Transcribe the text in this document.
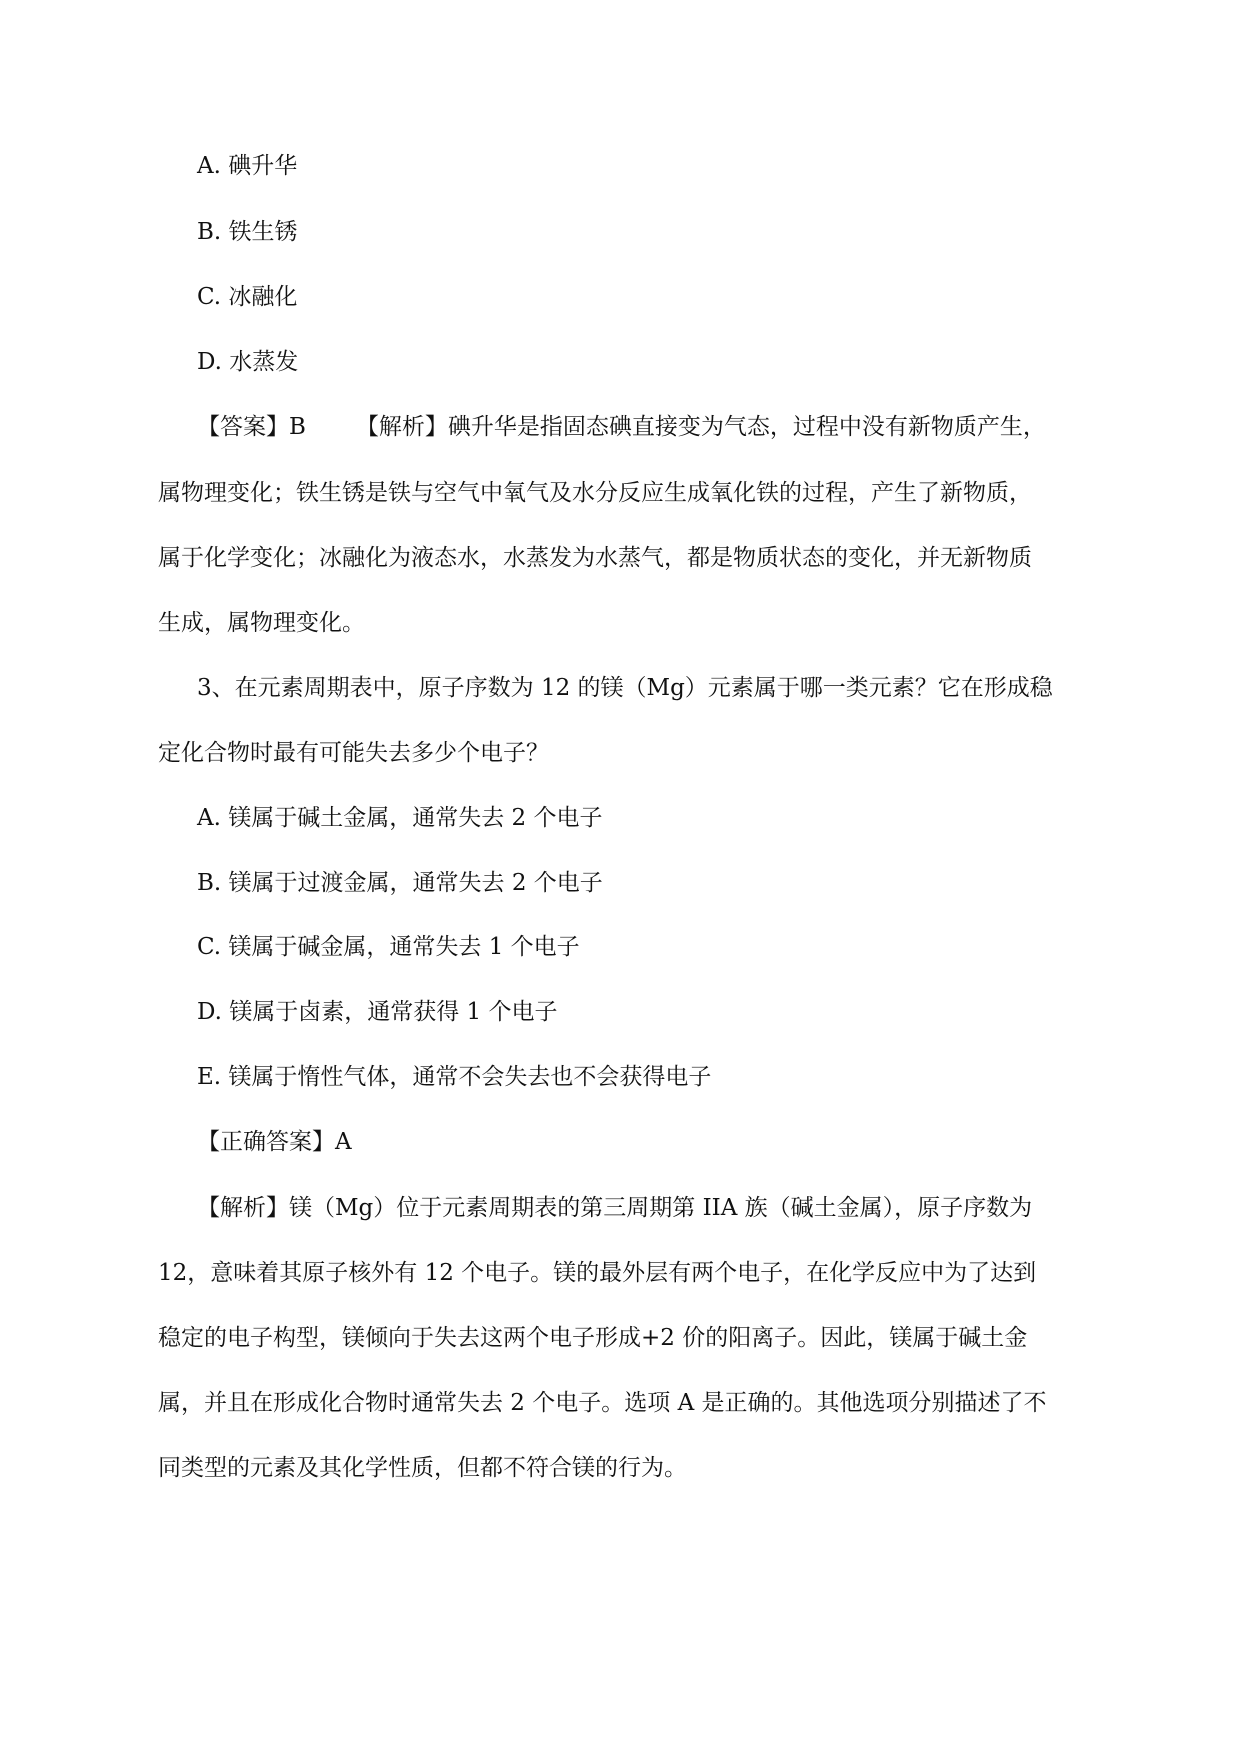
A. 碘升华
B. 铁生锈
C. 冰融化
D. 水蒸发
【答案】B 【解析】碘升华是指固态碘直接变为气态，过程中没有新物质产生，
属物理变化；铁生锈是铁与空气中氧气及水分反应生成氧化铁的过程，产生了新物质，
属于化学变化；冰融化为液态水，水蒸发为水蒸气，都是物质状态的变化，并无新物质
生成，属物理变化。
3、在元素周期表中，原子序数为 12 的镁（Mg）元素属于哪一类元素？它在形成稳
定化合物时最有可能失去多少个电子？
A. 镁属于碱土金属，通常失去 2 个电子
B. 镁属于过渡金属，通常失去 2 个电子
C. 镁属于碱金属，通常失去 1 个电子
D. 镁属于卤素，通常获得 1 个电子
E. 镁属于惰性气体，通常不会失去也不会获得电子
【正确答案】A
【解析】镁（Mg）位于元素周期表的第三周期第 IIA 族（碱土金属），原子序数为
12，意味着其原子核外有 12 个电子。镁的最外层有两个电子，在化学反应中为了达到
稳定的电子构型，镁倾向于失去这两个电子形成+2 价的阳离子。因此，镁属于碱土金
属，并且在形成化合物时通常失去 2 个电子。选项 A 是正确的。其他选项分别描述了不
同类型的元素及其化学性质，但都不符合镁的行为。
